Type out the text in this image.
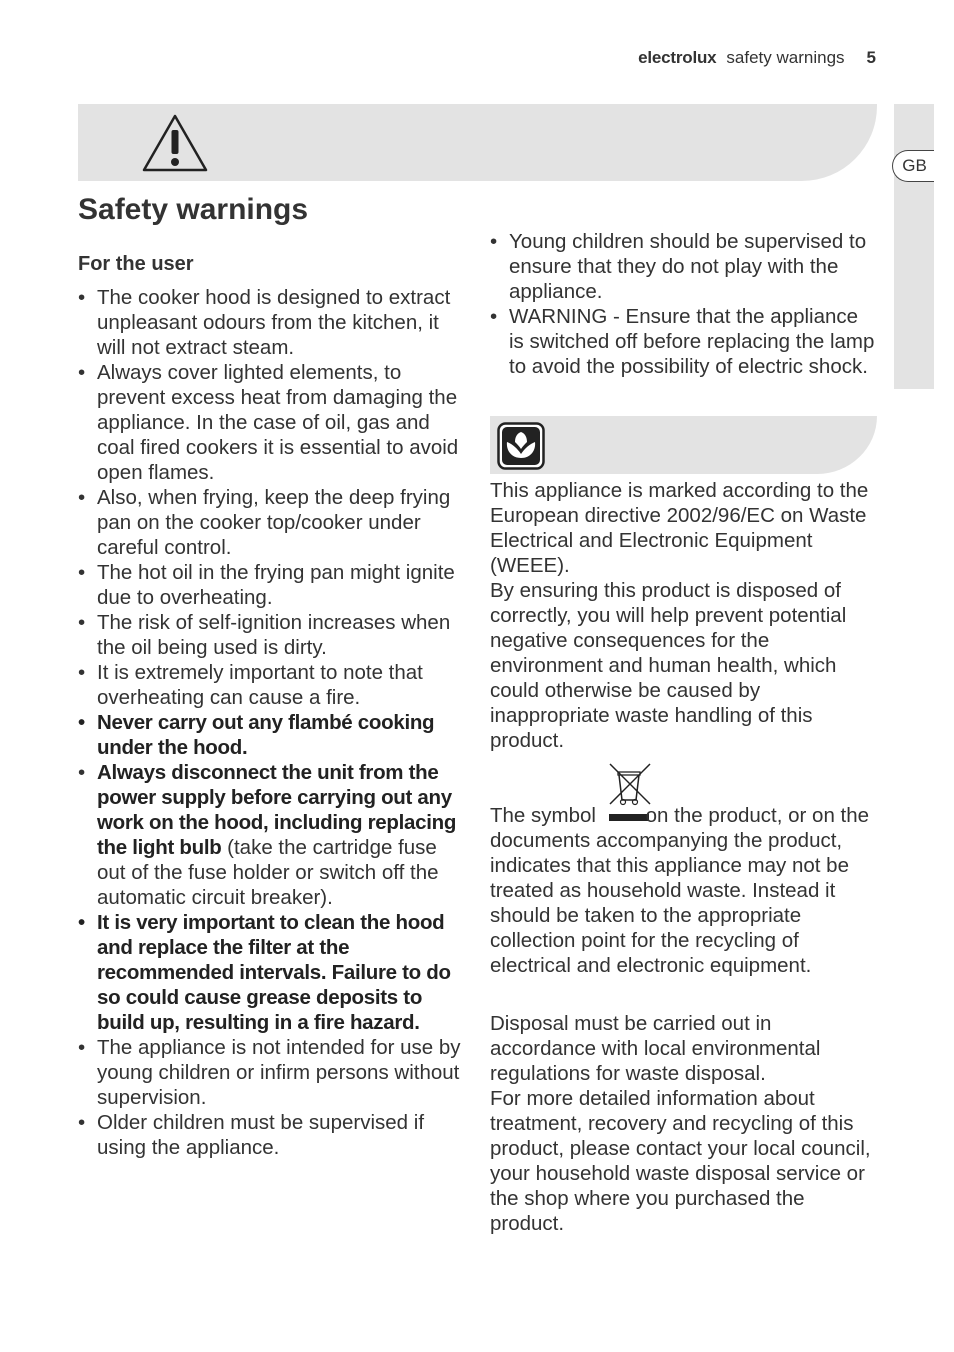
electrolux safety warnings 5
GB
Safety warnings
For the user
• The cooker hood is designed to extract unpleasant odours from the kitchen, it will not extract steam.
• Always cover lighted elements, to prevent excess heat from damaging the appliance. In the case of oil, gas and coal fired cookers it is essential to avoid open flames.
• Also, when frying, keep the deep frying pan on the cooker top/cooker under careful control.
• The hot oil in the frying pan might ignite due to overheating.
• The risk of self-ignition increases when the oil being used is dirty.
• It is extremely important to note that overheating can cause a fire.
• Never carry out any flambé cooking under the hood.
• Always disconnect the unit from the power supply before carrying out any work on the hood, including replacing the light bulb (take the cartridge fuse out of the fuse holder or switch off the automatic circuit breaker).
• It is very important to clean the hood and replace the filter at the recommended intervals. Failure to do so could cause grease deposits to build up, resulting in a fire hazard.
• The appliance is not intended for use by young children or infirm persons without supervision.
• Older children must be supervised if using the appliance.
• Young children should be supervised to ensure that they do not play with the appliance.
• WARNING - Ensure that the appliance is switched off before replacing the lamp to avoid the possibility of electric shock.

This appliance is marked according to the European directive 2002/96/EC on Waste Electrical and Electronic Equipment (WEEE).

By ensuring this product is disposed of correctly, you will help prevent potential negative consequences for the environment and human health, which could otherwise be caused by inappropriate waste handling of this product.

The symbol on the product, or on the documents accompanying the product, indicates that this appliance may not be treated as household waste. Instead it should be taken to the appropriate collection point for the recycling of electrical and electronic equipment.

Disposal must be carried out in accordance with local environmental regulations for waste disposal.

For more detailed information about treatment, recovery and recycling of this product, please contact your local council, your household waste disposal service or the shop where you purchased the product.
